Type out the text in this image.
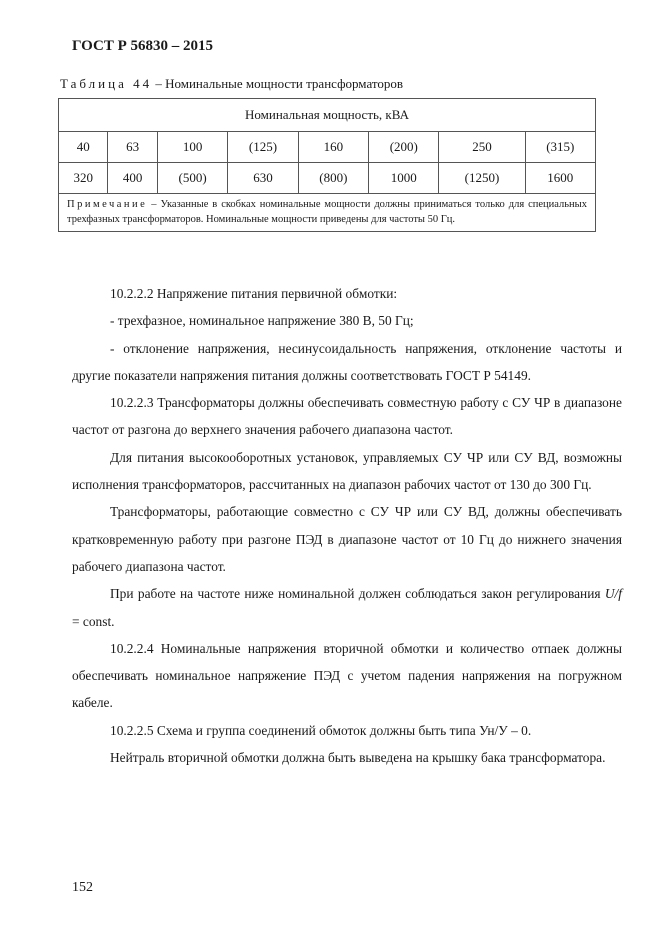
ГОСТ Р 56830 – 2015
Таблица 44 – Номинальные мощности трансформаторов
Номинальная мощность, кВА							
40	63	100	(125)	160	(200)	250	(315)
320	400	(500)	630	(800)	1000	(1250)	1600
Примечание – Указанные в скобках номинальные мощности должны приниматься только для специальных трехфазных трансформаторов. Номинальные мощности приведены для частоты 50 Гц.							

10.2.2.2 Напряжение питания первичной обмотки:

- трехфазное, номинальное напряжение 380 В, 50 Гц;

- отклонение напряжения, несинусоидальность напряжения, отклонение частоты и другие показатели напряжения питания должны соответствовать ГОСТ Р 54149.

10.2.2.3 Трансформаторы должны обеспечивать совместную работу с СУ ЧР в диапазоне частот от разгона до верхнего значения рабочего диапазона частот.

Для питания высокооборотных установок, управляемых СУ ЧР или СУ ВД, возможны исполнения трансформаторов, рассчитанных на диапазон рабочих частот от 130 до 300 Гц.

Трансформаторы, работающие совместно с СУ ЧР или СУ ВД, должны обеспечивать кратковременную работу при разгоне ПЭД в диапазоне частот от 10 Гц до нижнего значения рабочего диапазона частот.

При работе на частоте ниже номинальной должен соблюдаться закон регулирования U/f = const.

10.2.2.4 Номинальные напряжения вторичной обмотки и количество отпаек должны обеспечивать номинальное напряжение ПЭД с учетом падения напряжения на погружном кабеле.

10.2.2.5 Схема и группа соединений обмоток должны быть типа Ун/У – 0.

Нейтраль вторичной обмотки должна быть выведена на крышку бака трансформатора.

152
